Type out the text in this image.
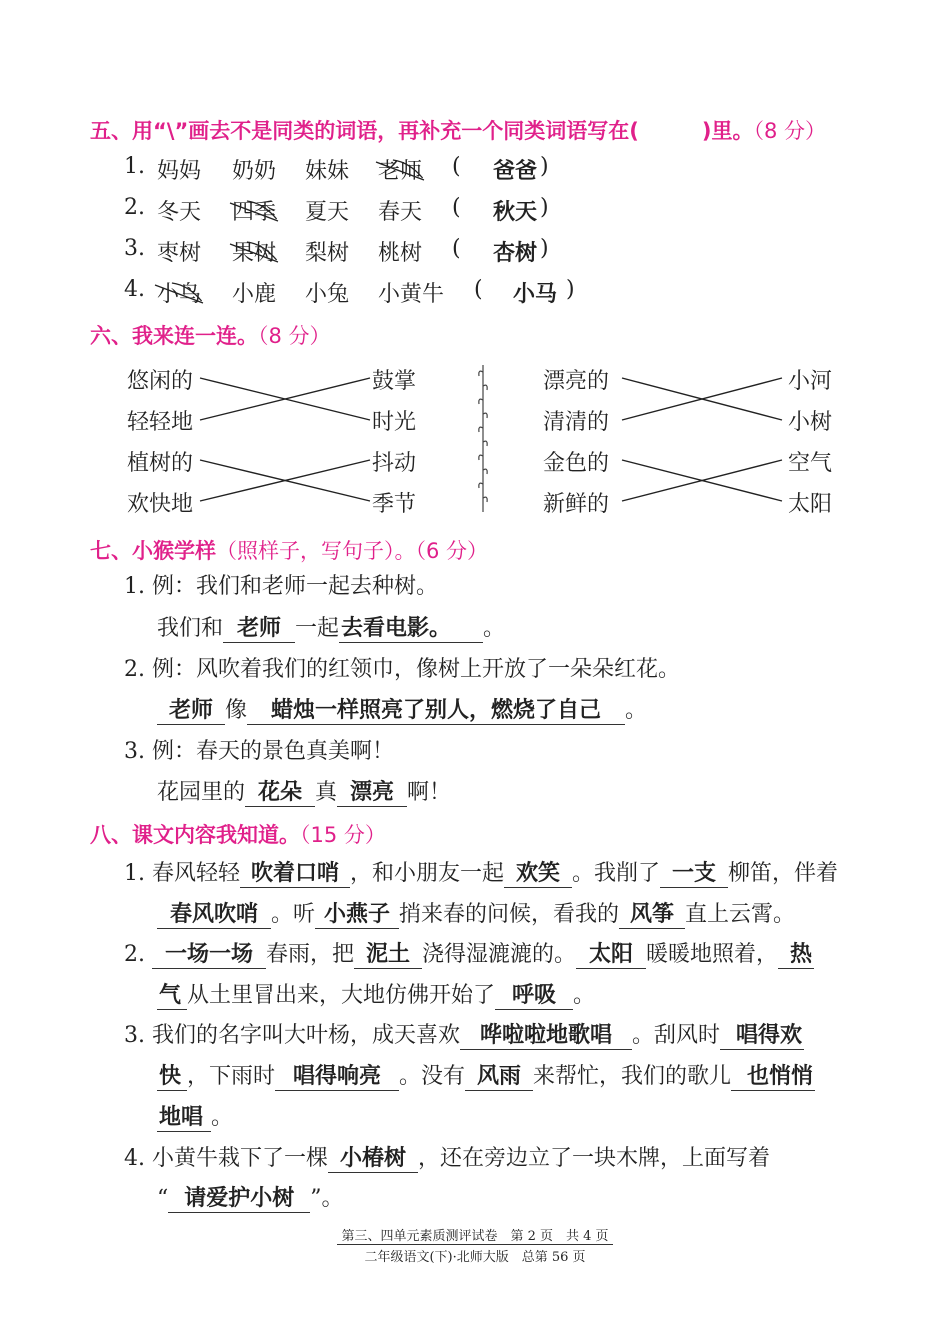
五、用“\”画去不是同类的词语，再补充一个同类词语写在(　　　)里。（8 分）
1. 妈妈 奶奶 妹妹 老师 (	爸爸 )
2. 冬天 四季 夏天 春天 (	秋天 )
3. 枣树 果树 梨树 桃树 (	杏树 )
4. 小鸟 小鹿 小兔 小黄牛 (	小马 )
六、我来连一连。（8 分）
悠闲的
轻轻地
植树的
欢快地
鼓掌
时光
抖动
季节
漂亮的
清清的
金色的
新鲜的
小河
小树
空气
太阳
七、小猴学样（照样子，写句子）。（6 分）
1. 例：我们和老师一起去种树。
我们和 老师 一起去看电影。 。
2. 例：风吹着我们的红领巾，像树上开放了一朵朵红花。
老师 像 蜡烛一样照亮了别人，燃烧了自己 。
3. 例：春天的景色真美啊！
花园里的 花朵 真 漂亮 啊！
八、课文内容我知道。（15 分）
1. 春风轻轻 吹着口哨 ，和小朋友一起 欢笑 。我削了 一支 柳笛，伴着
春风吹哨 。听 小燕子 捎来春的问候，看我的 风筝 直上云霄。
2. 一场一场 春雨，把 泥土 浇得湿漉漉的。 太阳 暖暖地照着， 热
气 从土里冒出来，大地仿佛开始了 呼吸 。
3. 我们的名字叫大叶杨，成天喜欢 哗啦啦地歌唱 。刮风时 唱得欢
快 ，下雨时 唱得响亮 。没有 风雨 来帮忙，我们的歌儿 也悄悄
地唱 。
4. 小黄牛栽下了一棵 小椿树 ，还在旁边立了一块木牌，上面写着
“ 请爱护小树 ”。
第三、四单元素质测评试卷　第 2 页　共 4 页
二年级语文(下)·北师大版　总第 56 页
